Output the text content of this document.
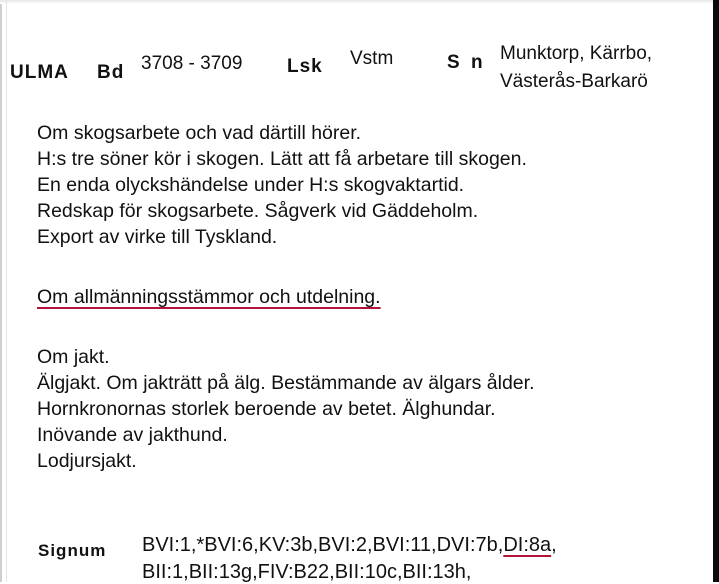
ULMA Bd 3708 - 3709 Lsk Vstm	S n Munktorp, Kärrbo,
Västerås-Barkarö
Om skogsarbete och vad därtill hörer.
H:s tre söner kör i skogen. Lätt att få arbetare till skogen.
En enda olyckshändelse under H:s skogvaktartid.
Redskap för skogsarbete. Sågverk vid Gäddeholm.
Export av virke till Tyskland.
Om allmänningsstämmor och utdelning.
Om jakt.
Älgjakt. Om jakträtt på älg. Bestämmande av älgars ålder.
Hornkronornas storlek beroende av betet. Älghundar.
Inövande av jakthund.
Lodjursjakt.
Signum BVI:1,*BVI:6,KV:3b,BVI:2,BVI:11,DVI:7b,DI:8a,
BII:1,BII:13g,FIV:B22,BII:10c,BII:13h,
